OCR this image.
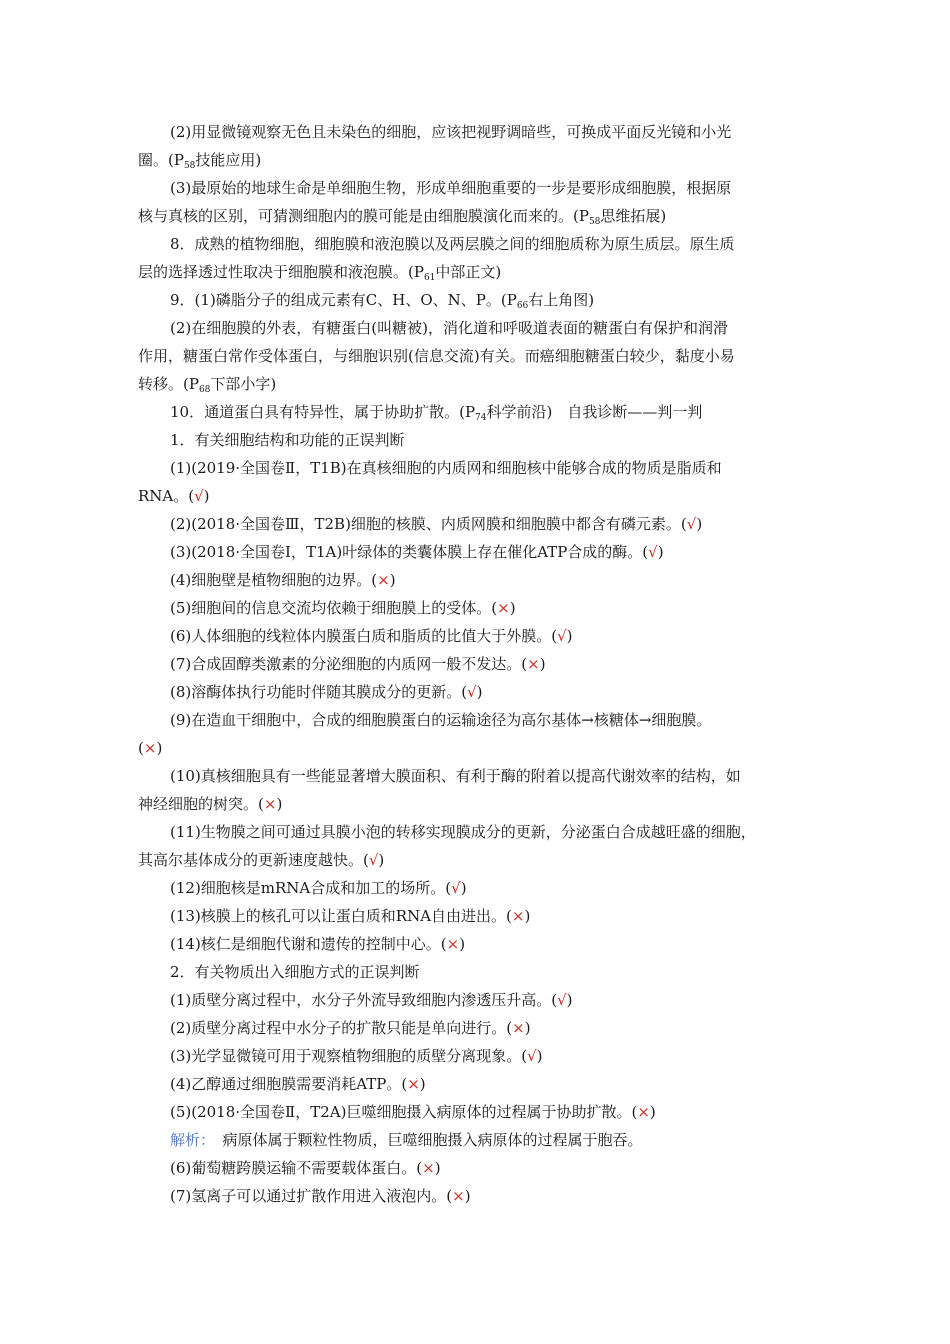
(2)用显微镜观察无色且未染色的细胞，应该把视野调暗些，可换成平面反光镜和小光
圈。($P_{58}$技能应用)
(3)最原始的地球生命是单细胞生物，形成单细胞重要的一步是要形成细胞膜，根据原
核与真核的区别，可猜测细胞内的膜可能是由细胞膜演化而来的。($P_{58}$思维拓展)
8．成熟的植物细胞，细胞膜和液泡膜以及两层膜之间的细胞质称为原生质层。原生质
层的选择透过性取决于细胞膜和液泡膜。($P_{61}$中部正文)
9．(1)磷脂分子的组成元素有C、H、O、N、P。($P_{66}$右上角图)
(2)在细胞膜的外表，有糖蛋白(叫糖被)，消化道和呼吸道表面的糖蛋白有保护和润滑
作用，糖蛋白常作受体蛋白，与细胞识别(信息交流)有关。而癌细胞糖蛋白较少，黏度小易
转移。($P_{68}$下部小字)
10．通道蛋白具有特异性，属于协助扩散。($P_{74}$科学前沿)　自我诊断——判一判
1．有关细胞结构和功能的正误判断
(1)(2019·全国卷Ⅱ，T1B)在真核细胞的内质网和细胞核中能够合成的物质是脂质和
RNA。(√)
(2)(2018·全国卷Ⅲ，T2B)细胞的核膜、内质网膜和细胞膜中都含有磷元素。(√)
(3)(2018·全国卷Ⅰ，T1A)叶绿体的类囊体膜上存在催化ATP合成的酶。(√)
(4)细胞壁是植物细胞的边界。(×)
(5)细胞间的信息交流均依赖于细胞膜上的受体。(×)
(6)人体细胞的线粒体内膜蛋白质和脂质的比值大于外膜。(√)
(7)合成固醇类激素的分泌细胞的内质网一般不发达。(×)
(8)溶酶体执行功能时伴随其膜成分的更新。(√)
(9)在造血干细胞中，合成的细胞膜蛋白的运输途径为高尔基体→核糖体→细胞膜。
(×)
(10)真核细胞具有一些能显著增大膜面积、有利于酶的附着以提高代谢效率的结构，如
神经细胞的树突。(×)
(11)生物膜之间可通过具膜小泡的转移实现膜成分的更新，分泌蛋白合成越旺盛的细胞，
其高尔基体成分的更新速度越快。(√)
(12)细胞核是mRNA合成和加工的场所。(√)
(13)核膜上的核孔可以让蛋白质和RNA自由进出。(×)
(14)核仁是细胞代谢和遗传的控制中心。(×)
2．有关物质出入细胞方式的正误判断
(1)质壁分离过程中，水分子外流导致细胞内渗透压升高。(√)
(2)质壁分离过程中水分子的扩散只能是单向进行。(×)
(3)光学显微镜可用于观察植物细胞的质壁分离现象。(√)
(4)乙醇通过细胞膜需要消耗ATP。(×)
(5)(2018·全国卷Ⅱ，T2A)巨噬细胞摄入病原体的过程属于协助扩散。(×)
解析：　病原体属于颗粒性物质，巨噬细胞摄入病原体的过程属于胞吞。
(6)葡萄糖跨膜运输不需要载体蛋白。(×)
(7)氢离子可以通过扩散作用进入液泡内。(×)
